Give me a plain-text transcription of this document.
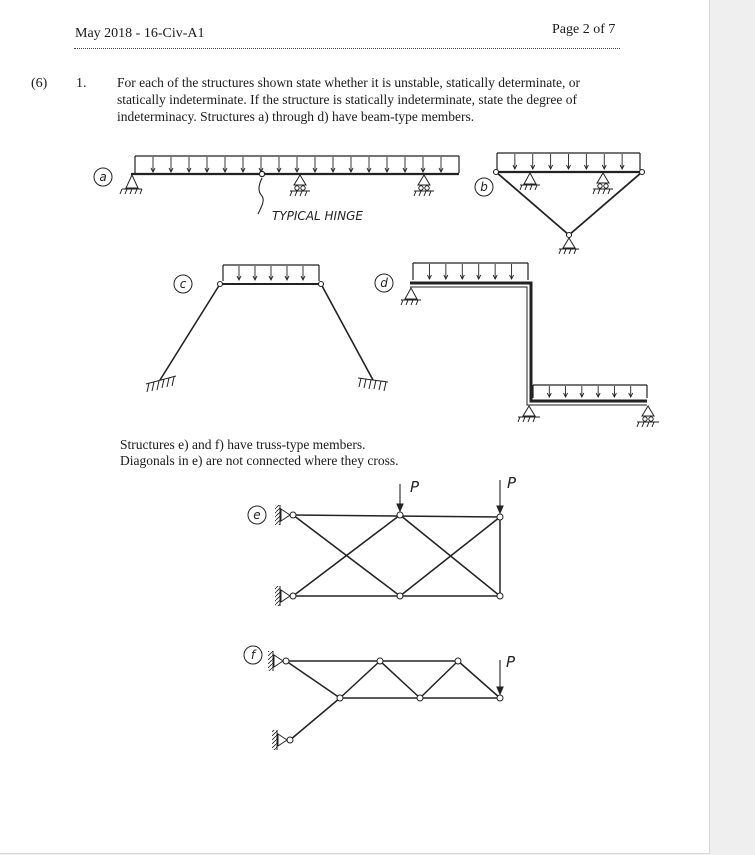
May 2018 - 16-Civ-A1	Page 2 of 7
(6) 1. For each of the structures shown state whether it is unstable, statically determinate, or statically indeterminate. If the structure is statically indeterminate, state the degree of indeterminacy. Structures a) through d) have beam-type members.
Structures e) and f) have truss-type members.
Diagonals in e) are not connected where they cross.
a
TYPICAL HINGE
b
c	d
e
P	P
f	P
